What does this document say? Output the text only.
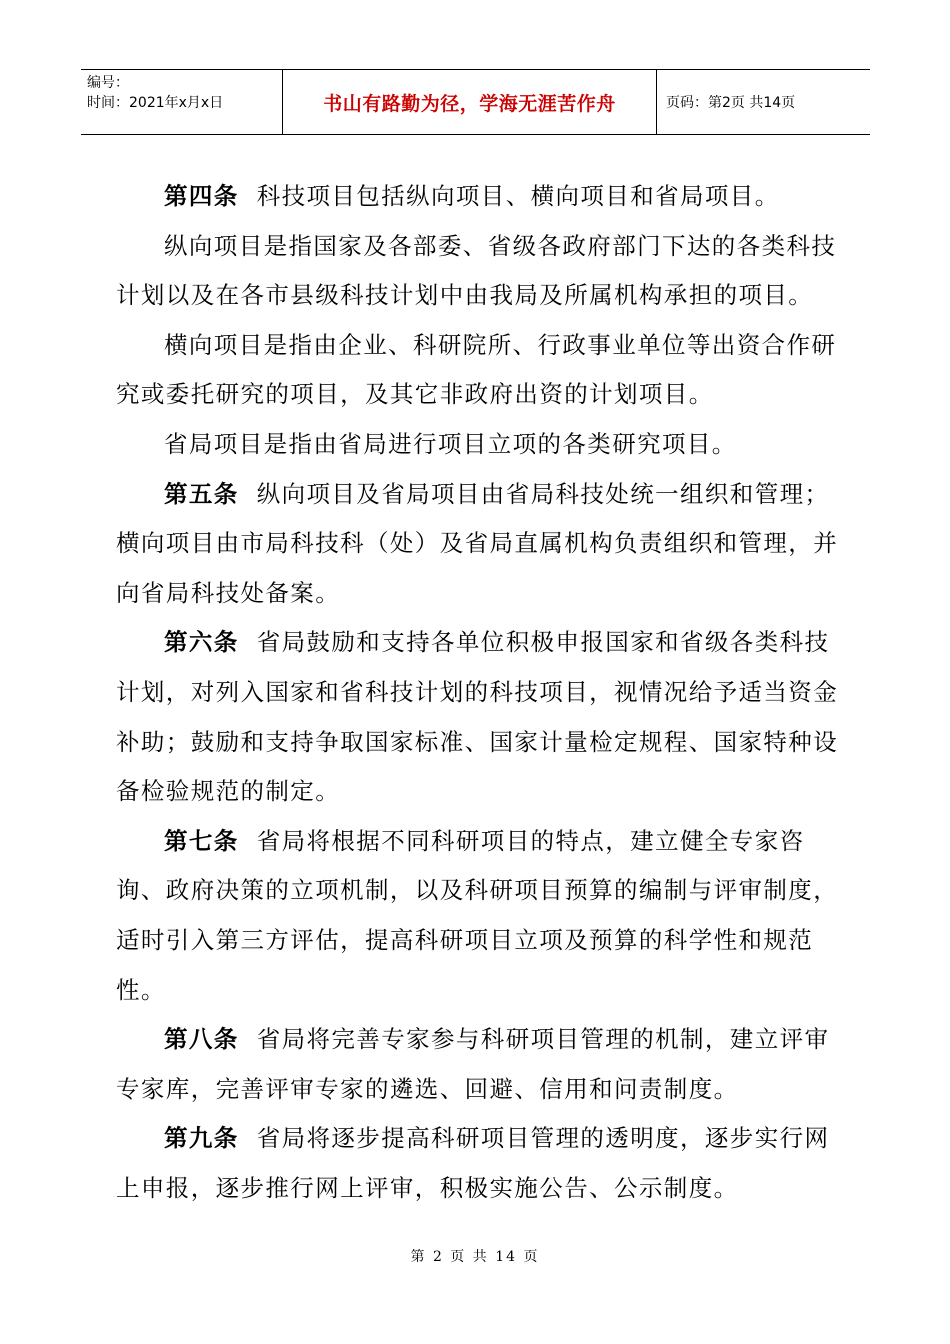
编号：
时间：2021年x月x日	书山有路勤为径，学海无涯苦作舟	页码：第2页 共14页

第四条 科技项目包括纵向项目、横向项目和省局项目。

纵向项目是指国家及各部委、省级各政府部门下达的各类科技计划以及在各市县级科技计划中由我局及所属机构承担的项目。

横向项目是指由企业、科研院所、行政事业单位等出资合作研究或委托研究的项目，及其它非政府出资的计划项目。

省局项目是指由省局进行项目立项的各类研究项目。

第五条 纵向项目及省局项目由省局科技处统一组织和管理；横向项目由市局科技科（处）及省局直属机构负责组织和管理，并向省局科技处备案。

第六条 省局鼓励和支持各单位积极申报国家和省级各类科技计划，对列入国家和省科技计划的科技项目，视情况给予适当资金补助；鼓励和支持争取国家标准、国家计量检定规程、国家特种设备检验规范的制定。

第七条 省局将根据不同科研项目的特点，建立健全专家咨询、政府决策的立项机制，以及科研项目预算的编制与评审制度，适时引入第三方评估，提高科研项目立项及预算的科学性和规范性。

第八条 省局将完善专家参与科研项目管理的机制，建立评审专家库，完善评审专家的遴选、回避、信用和问责制度。

第九条 省局将逐步提高科研项目管理的透明度，逐步实行网上申报，逐步推行网上评审，积极实施公告、公示制度。

第 2 页 共 14 页
